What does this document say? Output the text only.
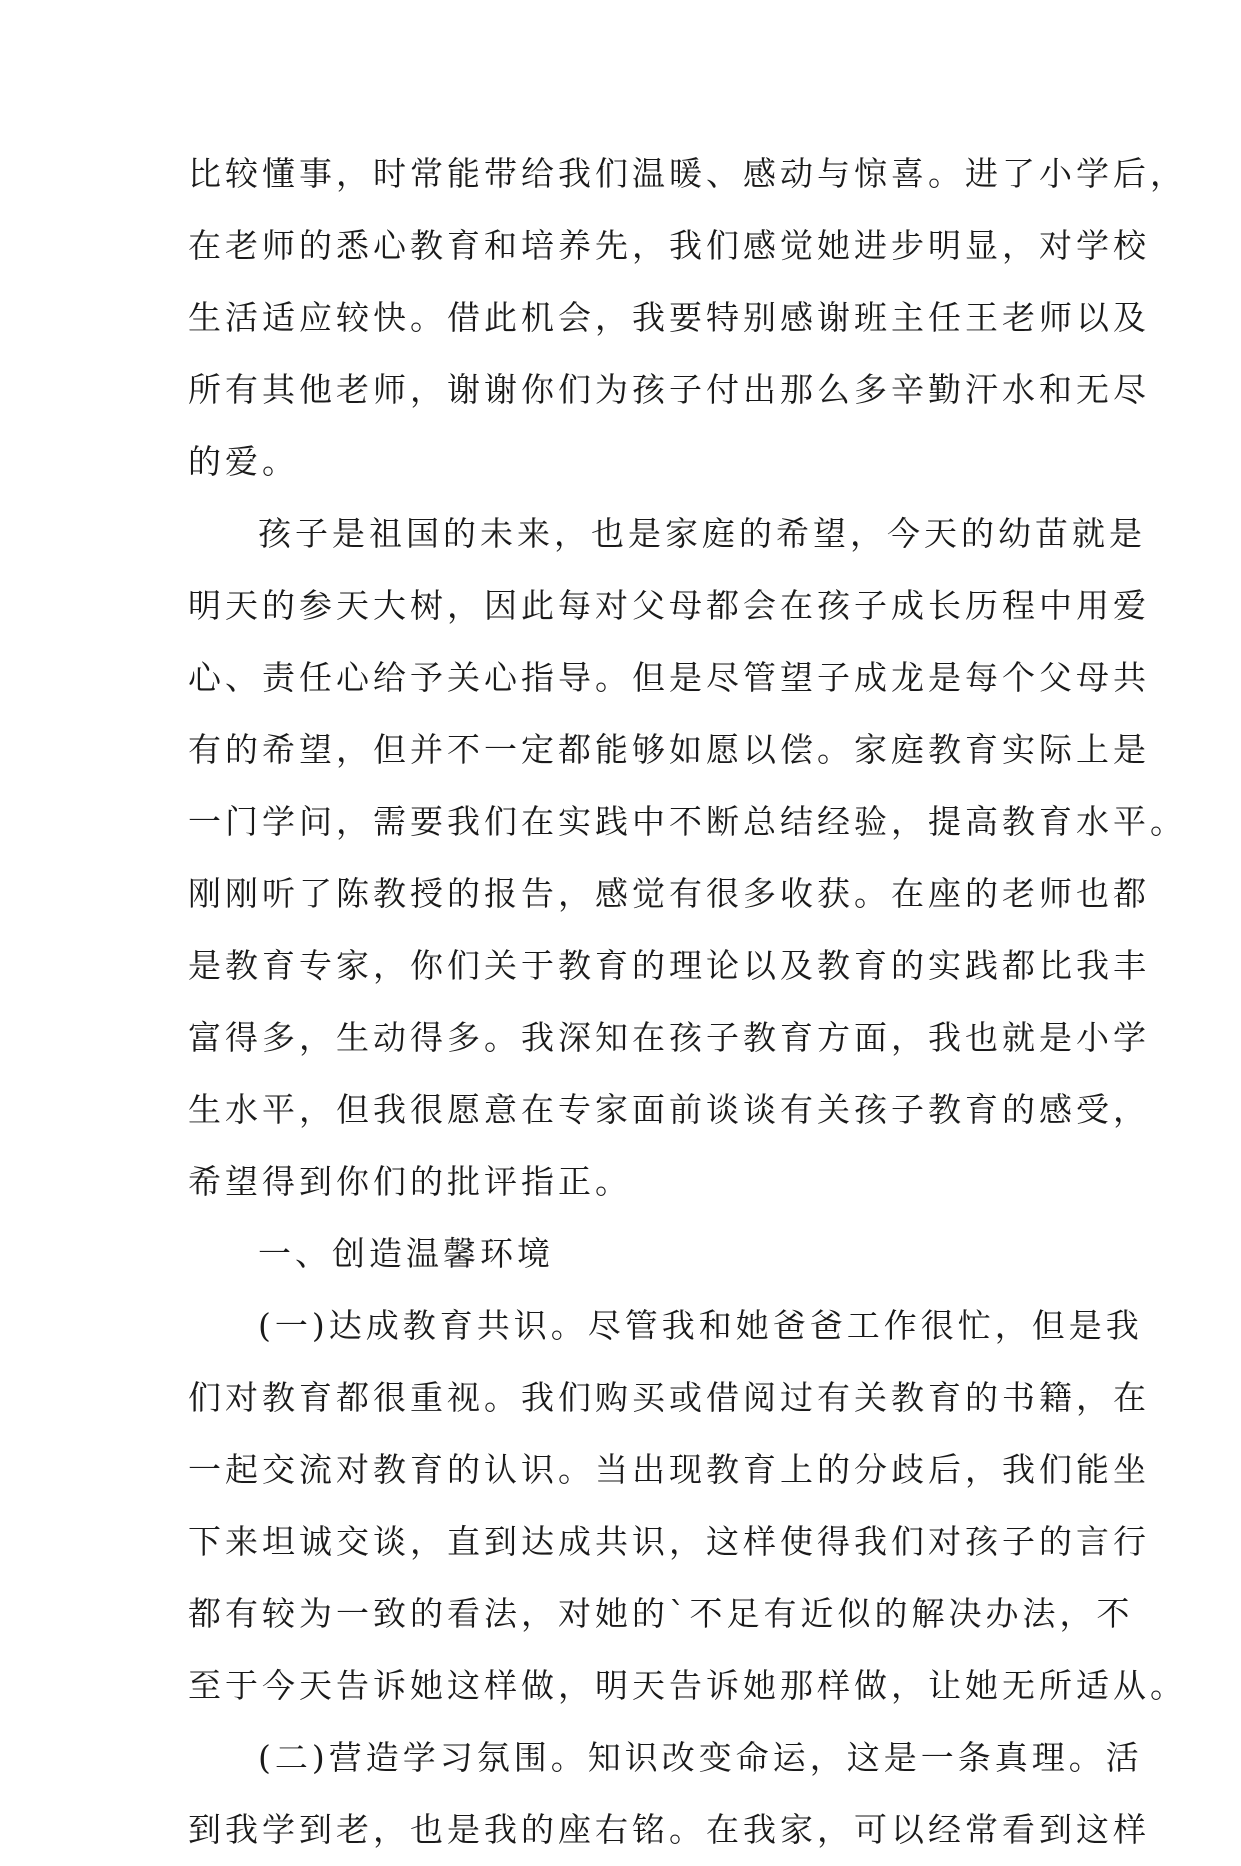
比较懂事，时常能带给我们温暖、感动与惊喜。进了小学后，
在老师的悉心教育和培养先，我们感觉她进步明显，对学校
生活适应较快。借此机会，我要特别感谢班主任王老师以及
所有其他老师，谢谢你们为孩子付出那么多辛勤汗水和无尽
的爱。
孩子是祖国的未来，也是家庭的希望，今天的幼苗就是
明天的参天大树，因此每对父母都会在孩子成长历程中用爱
心、责任心给予关心指导。但是尽管望子成龙是每个父母共
有的希望，但并不一定都能够如愿以偿。家庭教育实际上是
一门学问，需要我们在实践中不断总结经验，提高教育水平。
刚刚听了陈教授的报告，感觉有很多收获。在座的老师也都
是教育专家，你们关于教育的理论以及教育的实践都比我丰
富得多，生动得多。我深知在孩子教育方面，我也就是小学
生水平，但我很愿意在专家面前谈谈有关孩子教育的感受，
希望得到你们的批评指正。
一、创造温馨环境
(一)达成教育共识。尽管我和她爸爸工作很忙，但是我
们对教育都很重视。我们购买或借阅过有关教育的书籍，在
一起交流对教育的认识。当出现教育上的分歧后，我们能坐
下来坦诚交谈，直到达成共识，这样使得我们对孩子的言行
都有较为一致的看法，对她的`不足有近似的解决办法，不
至于今天告诉她这样做，明天告诉她那样做，让她无所适从。
(二)营造学习氛围。知识改变命运，这是一条真理。活
到我学到老，也是我的座右铭。在我家，可以经常看到这样
